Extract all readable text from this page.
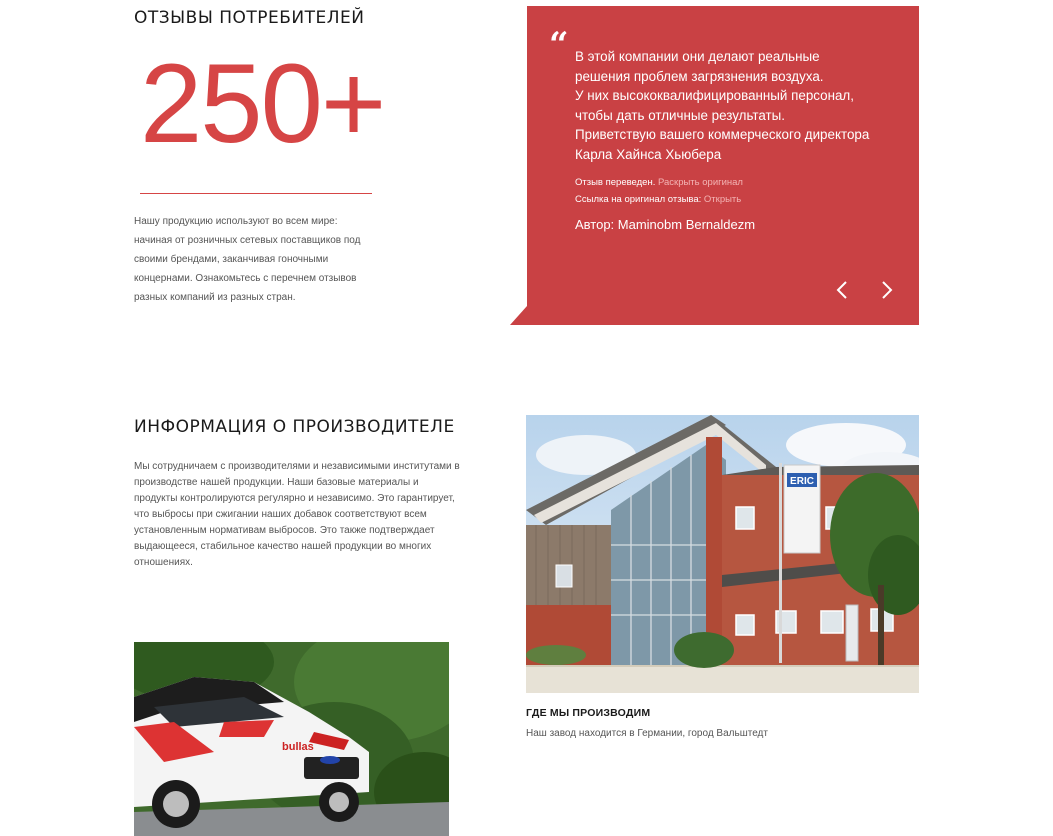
ОТЗЫВЫ ПОТРЕБИТЕЛЕЙ
250+
Нашу продукцию используют во всем мире:
начиная от розничных сетевых поставщиков под
своими брендами, заканчивая гоночными
концернами. Ознакомьтесь с перечнем отзывов
разных компаний из разных стран.
“ В этой компании они делают реальные
решения проблем загрязнения воздуха.
У них высококвалифицированный персонал,
чтобы дать отличные результаты.
Приветствую вашего коммерческого директора
Карла Хайнса Хьюбера
Отзыв переведен. Раскрыть оригинал
Ссылка на оригинал отзыва: Открыть
Автор: Maminobm Bernaldezm
ИНФОРМАЦИЯ О ПРОИЗВОДИТЕЛЕ
Мы сотрудничаем с производителями и независимыми институтами в
производстве нашей продукции. Наши базовые материалы и
продукты контролируются регулярно и независимо. Это гарантирует,
что выбросы при сжигании наших добавок соответствуют всем
установленным нормативам выбросов. Это также подтверждает
выдающееся, стабильное качество нашей продукции во многих
отношениях.
ERIC
ГДЕ МЫ ПРОИЗВОДИМ
Наш завод находится в Германии, город Вальштедт
bullas
